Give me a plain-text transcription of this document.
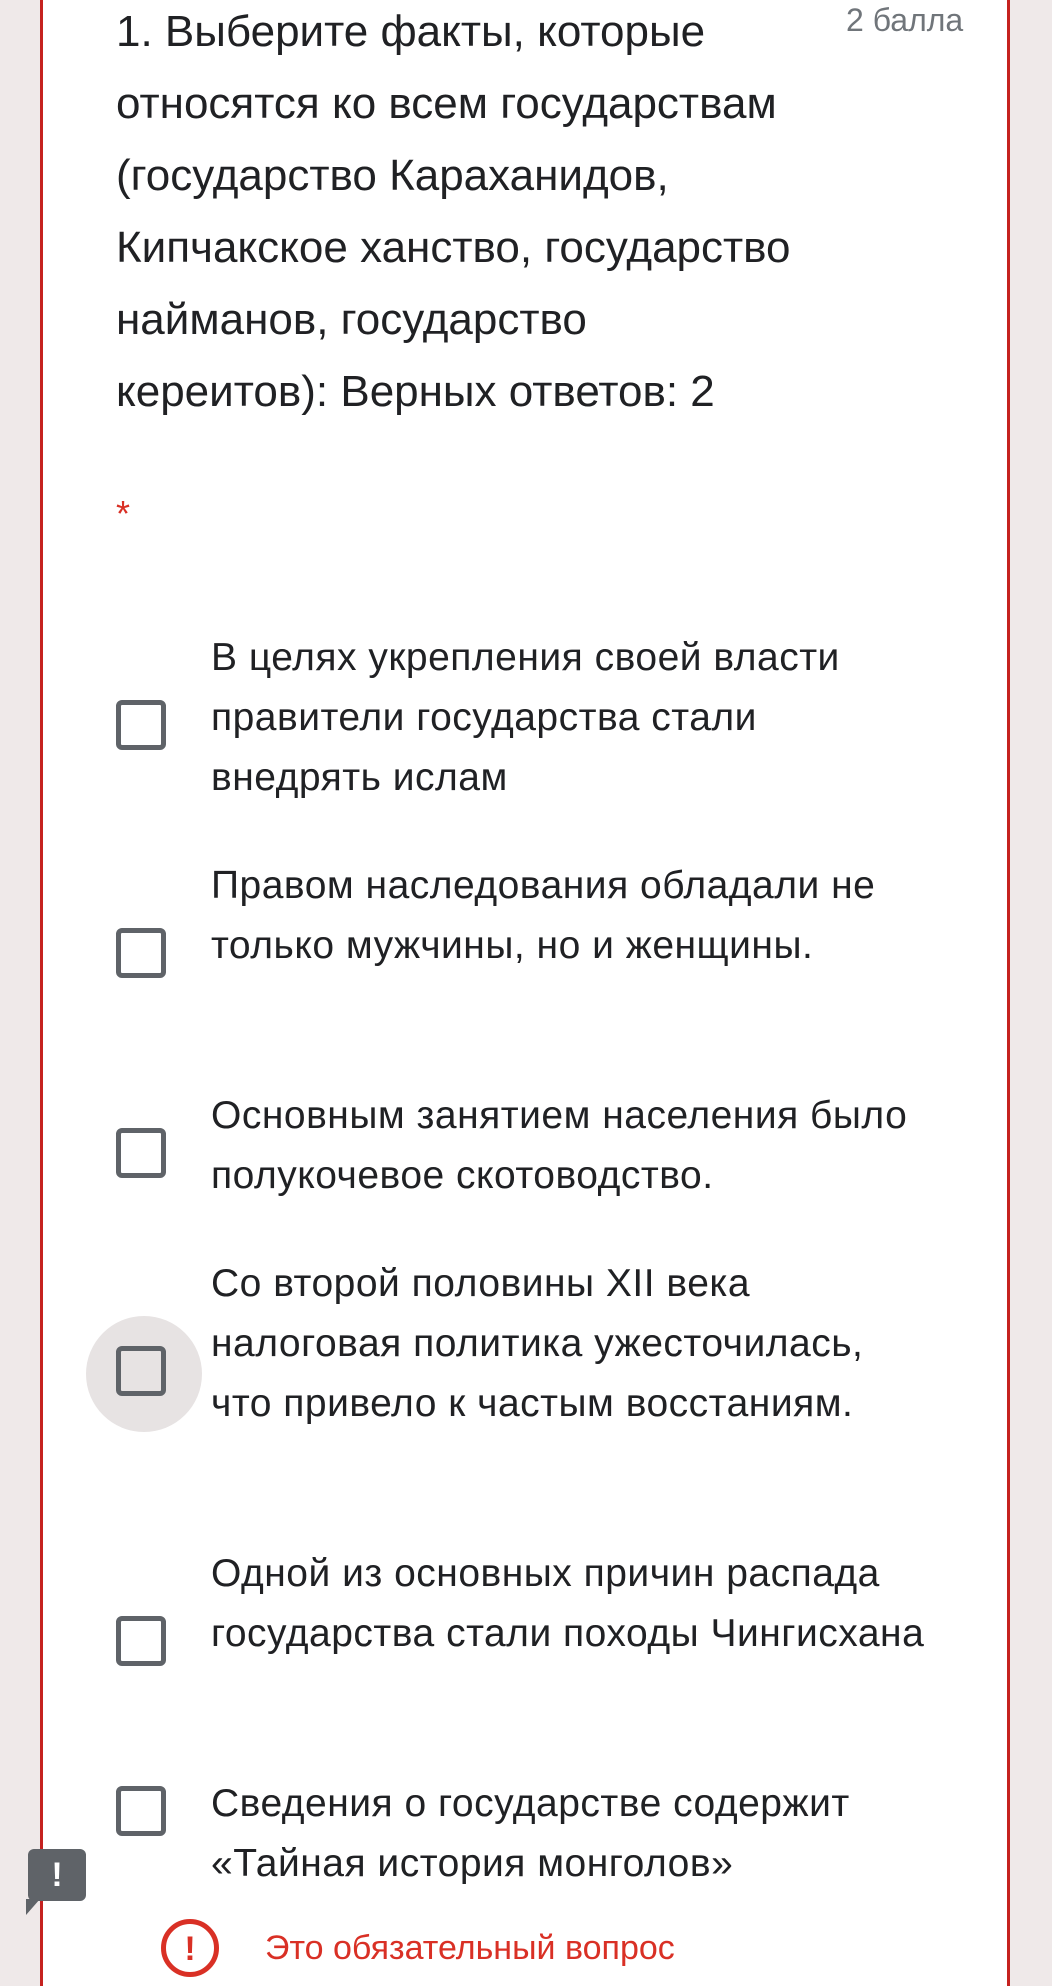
1. Выберите факты, которые относятся ко всем государствам (государство Караханидов, Кипчакское ханство, государство найманов, государство кереитов): Верных ответов: 2
2 балла
*
В целях укрепления своей власти правители государства стали внедрять ислам
Правом наследования обладали не только мужчины, но и женщины.
Основным занятием населения было полукочевое скотоводство.
Со второй половины XII века налоговая политика ужесточилась, что привело к частым восстаниям.
Одной из основных причин распада государства стали походы Чингисхана
Сведения о государстве содержит «Тайная история монголов»
!	Это обязательный вопрос
!
